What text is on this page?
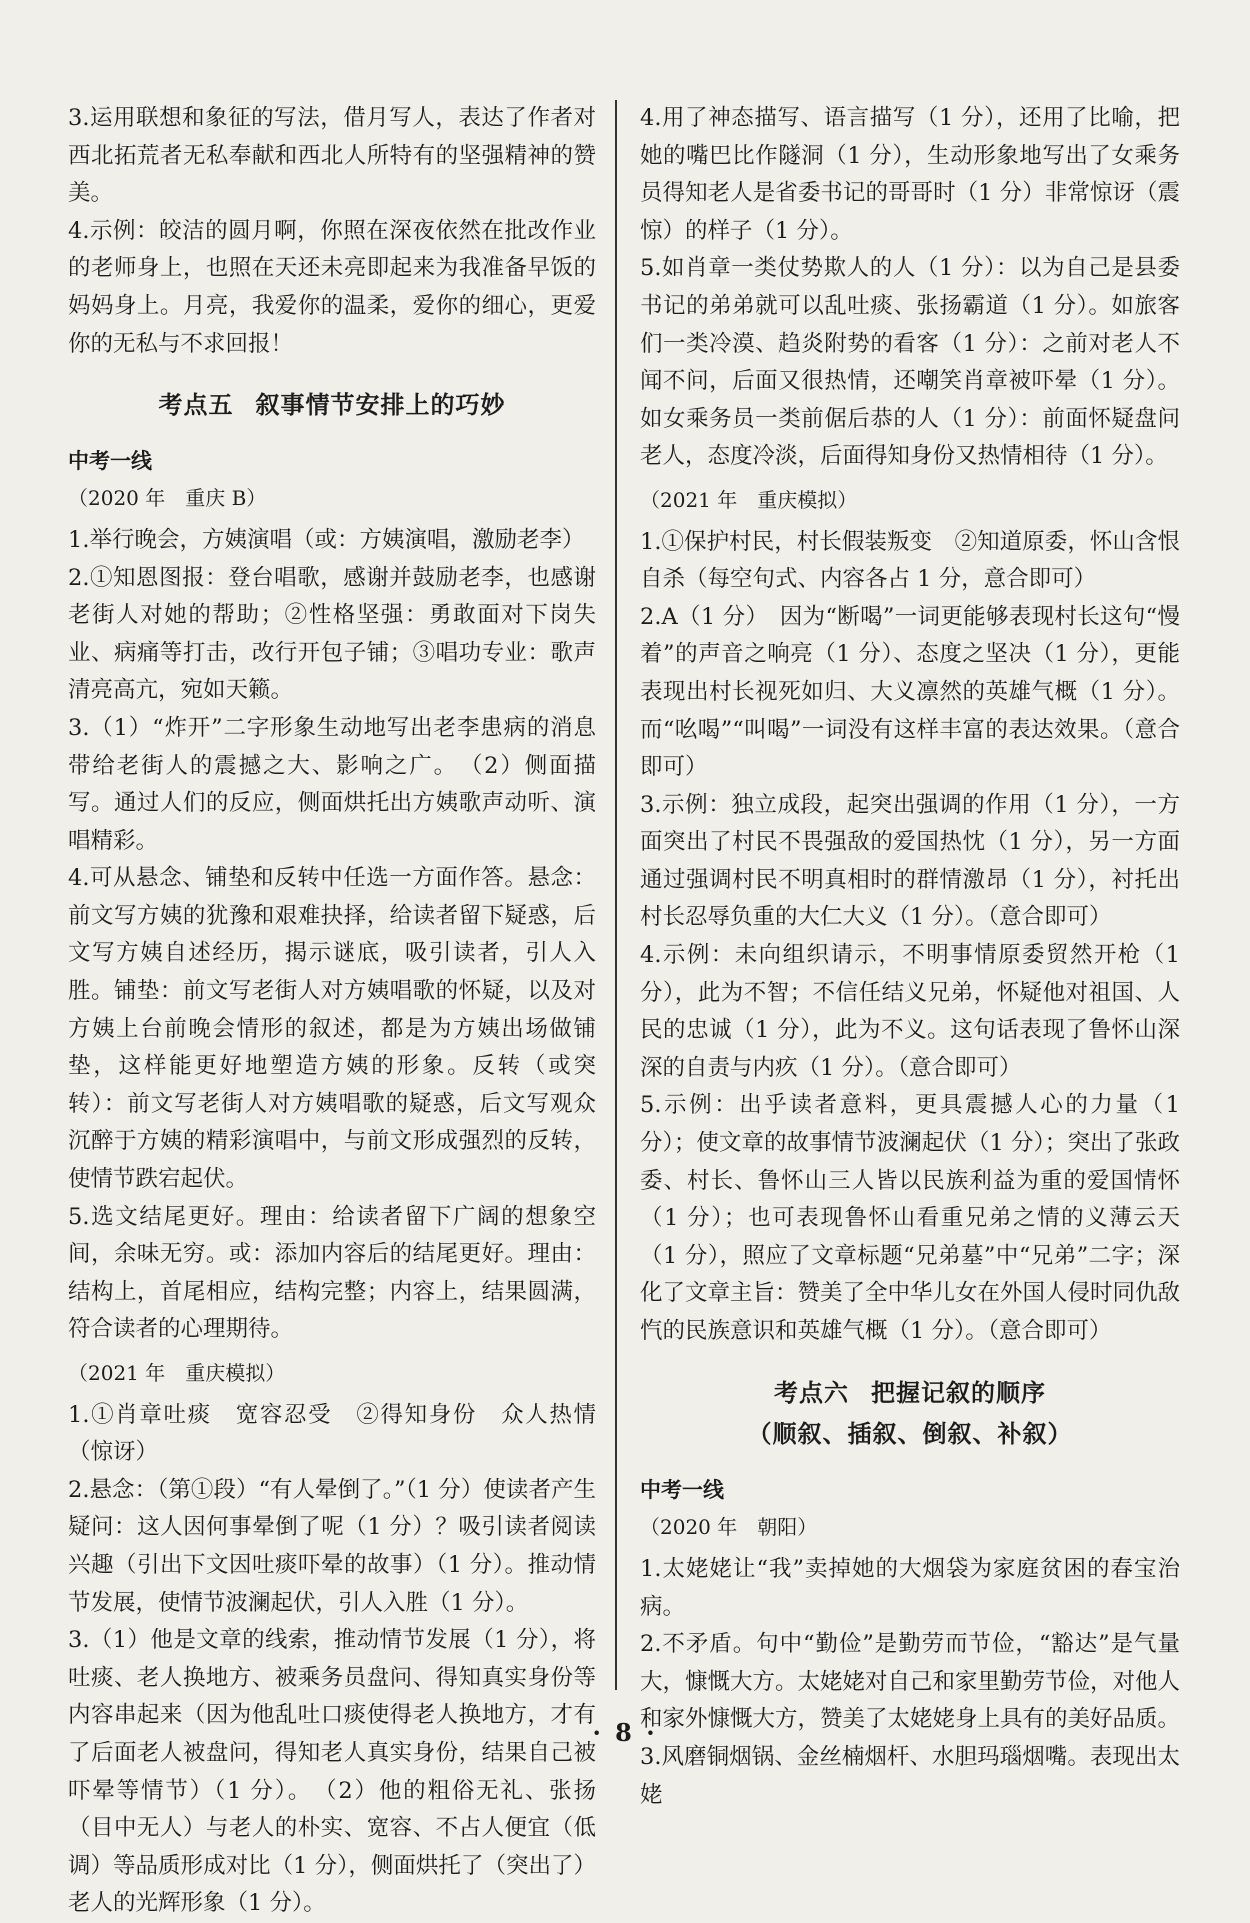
3.运用联想和象征的写法，借月写人，表达了作者对西北拓荒者无私奉献和西北人所特有的坚强精神的赞美。

4.示例：皎洁的圆月啊，你照在深夜依然在批改作业的老师身上，也照在天还未亮即起来为我准备早饭的妈妈身上。月亮，我爱你的温柔，爱你的细心，更爱你的无私与不求回报！

考点五 叙事情节安排上的巧妙
中考一线
（2020 年　重庆 B）

1.举行晚会，方姨演唱（或：方姨演唱，激励老李）

2.①知恩图报：登台唱歌，感谢并鼓励老李，也感谢老街人对她的帮助；②性格坚强：勇敢面对下岗失业、病痛等打击，改行开包子铺；③唱功专业：歌声清亮高亢，宛如天籁。

3.（1）“炸开”二字形象生动地写出老李患病的消息带给老街人的震撼之大、影响之广。　（2）侧面描写。通过人们的反应，侧面烘托出方姨歌声动听、演唱精彩。

4.可从悬念、铺垫和反转中任选一方面作答。悬念：前文写方姨的犹豫和艰难抉择，给读者留下疑惑，后文写方姨自述经历，揭示谜底，吸引读者，引人入胜。铺垫：前文写老街人对方姨唱歌的怀疑，以及对方姨上台前晚会情形的叙述，都是为方姨出场做铺垫，这样能更好地塑造方姨的形象。反转（或突转）：前文写老街人对方姨唱歌的疑惑，后文写观众沉醉于方姨的精彩演唱中，与前文形成强烈的反转，使情节跌宕起伏。

5.选文结尾更好。理由：给读者留下广阔的想象空间，余味无穷。或：添加内容后的结尾更好。理由：结构上，首尾相应，结构完整；内容上，结果圆满，符合读者的心理期待。

（2021 年　重庆模拟）

1.①肖章吐痰　宽容忍受　②得知身份　众人热情（惊讶）

2.悬念：（第①段）“有人晕倒了。”（1 分）使读者产生疑问：这人因何事晕倒了呢（1 分）？吸引读者阅读兴趣（引出下文因吐痰吓晕的故事）（1 分）。推动情节发展，使情节波澜起伏，引人入胜（1 分）。

3.（1）他是文章的线索，推动情节发展（1 分），将吐痰、老人换地方、被乘务员盘问、得知真实身份等内容串起来（因为他乱吐口痰使得老人换地方，才有了后面老人被盘问，得知老人真实身份，结果自己被吓晕等情节）（1 分）。　（2）他的粗俗无礼、张扬（目中无人）与老人的朴实、宽容、不占人便宜（低调）等品质形成对比（1 分），侧面烘托了（突出了）老人的光辉形象（1 分）。

4.用了神态描写、语言描写（1 分），还用了比喻，把她的嘴巴比作隧洞（1 分），生动形象地写出了女乘务员得知老人是省委书记的哥哥时（1 分）非常惊讶（震惊）的样子（1 分）。

5.如肖章一类仗势欺人的人（1 分）：以为自己是县委书记的弟弟就可以乱吐痰、张扬霸道（1 分）。如旅客们一类冷漠、趋炎附势的看客（1 分）：之前对老人不闻不问，后面又很热情，还嘲笑肖章被吓晕（1 分）。如女乘务员一类前倨后恭的人（1 分）：前面怀疑盘问老人，态度冷淡，后面得知身份又热情相待（1 分）。

（2021 年　重庆模拟）

1.①保护村民，村长假装叛变　②知道原委，怀山含恨自杀（每空句式、内容各占 1 分，意合即可）

2.A（1 分）　因为“断喝”一词更能够表现村长这句“慢着”的声音之响亮（1 分）、态度之坚决（1 分），更能表现出村长视死如归、大义凛然的英雄气概（1 分）。而“吆喝”“叫喝”一词没有这样丰富的表达效果。（意合即可）

3.示例：独立成段，起突出强调的作用（1 分），一方面突出了村民不畏强敌的爱国热忱（1 分），另一方面通过强调村民不明真相时的群情激昂（1 分），衬托出村长忍辱负重的大仁大义（1 分）。（意合即可）

4.示例：未向组织请示，不明事情原委贸然开枪（1 分），此为不智；不信任结义兄弟，怀疑他对祖国、人民的忠诚（1 分），此为不义。这句话表现了鲁怀山深深的自责与内疚（1 分）。（意合即可）

5.示例：出乎读者意料，更具震撼人心的力量（1 分）；使文章的故事情节波澜起伏（1 分）；突出了张政委、村长、鲁怀山三人皆以民族利益为重的爱国情怀（1 分）；也可表现鲁怀山看重兄弟之情的义薄云天（1 分），照应了文章标题“兄弟墓”中“兄弟”二字；深化了文章主旨：赞美了全中华儿女在外国人侵时同仇敌忾的民族意识和英雄气概（1 分）。（意合即可）

考点六 把握记叙的顺序
（顺叙、插叙、倒叙、补叙）
中考一线
（2020 年　朝阳）

1.太姥姥让“我”卖掉她的大烟袋为家庭贫困的春宝治病。

2.不矛盾。句中“勤俭”是勤劳而节俭，“豁达”是气量大，慷慨大方。太姥姥对自己和家里勤劳节俭，对他人和家外慷慨大方，赞美了太姥姥身上具有的美好品质。

3.风磨铜烟锅、金丝楠烟杆、水胆玛瑙烟嘴。表现出太姥

· 8 ·
